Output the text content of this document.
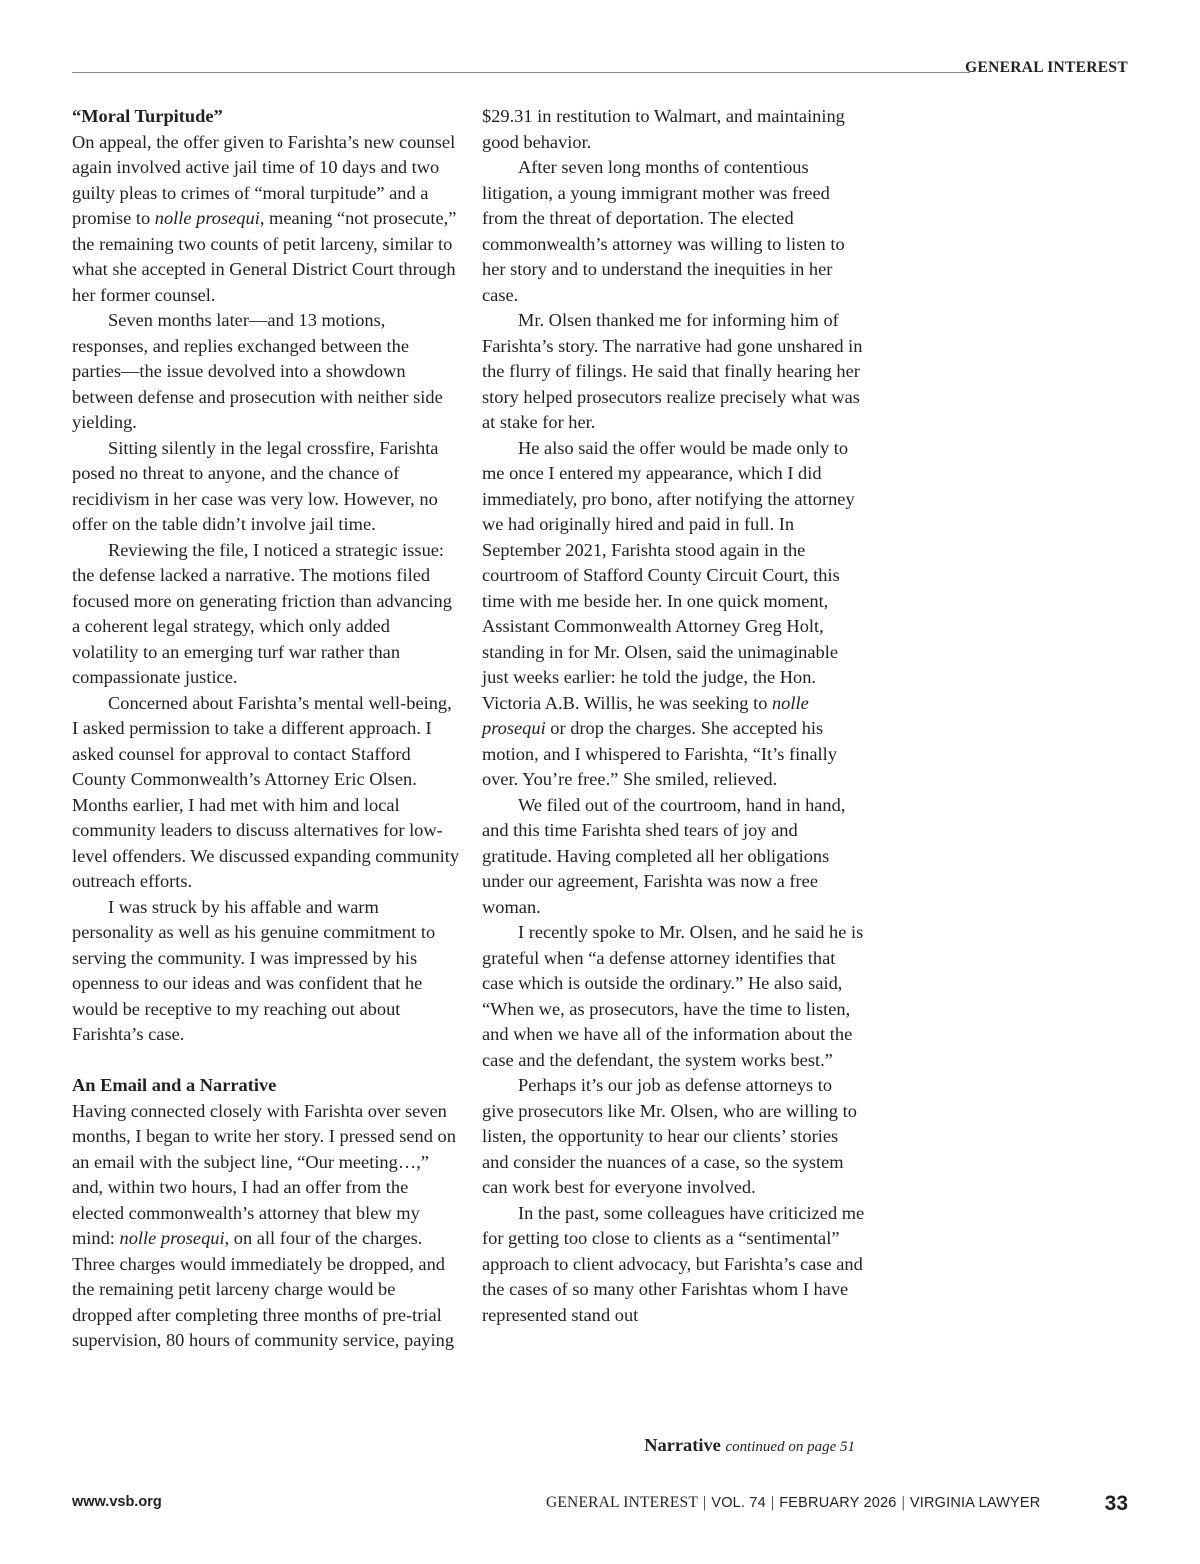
GENERAL INTEREST
“Moral Turpitude”

On appeal, the offer given to Farishta’s new counsel again involved active jail time of 10 days and two guilty pleas to crimes of “moral turpitude” and a promise to nolle prosequi, meaning “not prosecute,” the remaining two counts of petit larceny, similar to what she accepted in General District Court through her former counsel.

Seven months later—and 13 motions, responses, and replies exchanged between the parties—the issue devolved into a showdown between defense and prosecution with neither side yielding.

Sitting silently in the legal crossfire, Farishta posed no threat to anyone, and the chance of recidivism in her case was very low. However, no offer on the table didn’t involve jail time.

Reviewing the file, I noticed a strategic issue: the defense lacked a narrative. The motions filed focused more on generating friction than advancing a coherent legal strategy, which only added volatility to an emerging turf war rather than compassionate justice.

Concerned about Farishta’s mental well-being, I asked permission to take a different approach. I asked counsel for approval to contact Stafford County Commonwealth’s Attorney Eric Olsen. Months earlier, I had met with him and local community leaders to discuss alternatives for low-level offenders. We discussed expanding community outreach efforts.

I was struck by his affable and warm personality as well as his genuine commitment to serving the community. I was impressed by his openness to our ideas and was confident that he would be receptive to my reaching out about Farishta’s case.

An Email and a Narrative

Having connected closely with Farishta over seven months, I began to write her story. I pressed send on an email with the subject line, “Our meeting…,” and, within two hours, I had an offer from the elected commonwealth’s attorney that blew my mind: nolle prosequi, on all four of the charges. Three charges would immediately be dropped, and the remaining petit larceny charge would be dropped after completing three months of pre-trial supervision, 80 hours of community service, paying

$29.31 in restitution to Walmart, and maintaining good behavior.

After seven long months of contentious litigation, a young immigrant mother was freed from the threat of deportation. The elected commonwealth’s attorney was willing to listen to her story and to understand the inequities in her case.

Mr. Olsen thanked me for informing him of Farishta’s story. The narrative had gone unshared in the flurry of filings. He said that finally hearing her story helped prosecutors realize precisely what was at stake for her.

He also said the offer would be made only to me once I entered my appearance, which I did immediately, pro bono, after notifying the attorney we had originally hired and paid in full. In September 2021, Farishta stood again in the courtroom of Stafford County Circuit Court, this time with me beside her. In one quick moment, Assistant Commonwealth Attorney Greg Holt, standing in for Mr. Olsen, said the unimaginable just weeks earlier: he told the judge, the Hon. Victoria A.B. Willis, he was seeking to nolle prosequi or drop the charges. She accepted his motion, and I whispered to Farishta, “It’s finally over. You’re free.” She smiled, relieved.

We filed out of the courtroom, hand in hand, and this time Farishta shed tears of joy and gratitude. Having completed all her obligations under our agreement, Farishta was now a free woman.

I recently spoke to Mr. Olsen, and he said he is grateful when “a defense attorney identifies that case which is outside the ordinary.” He also said, “When we, as prosecutors, have the time to listen, and when we have all of the information about the case and the defendant, the system works best.”

Perhaps it’s our job as defense attorneys to give prosecutors like Mr. Olsen, who are willing to listen, the opportunity to hear our clients’ stories and consider the nuances of a case, so the system can work best for everyone involved.

In the past, some colleagues have criticized me for getting too close to clients as a “sentimental” approach to client advocacy, but Farishta’s case and the cases of so many other Farishtas whom I have represented stand out

Narrative continued on page 51
www.vsb.org	GENERAL INTEREST | VOL. 74 | FEBRUARY 2026 | VIRGINIA LAWYER	33
